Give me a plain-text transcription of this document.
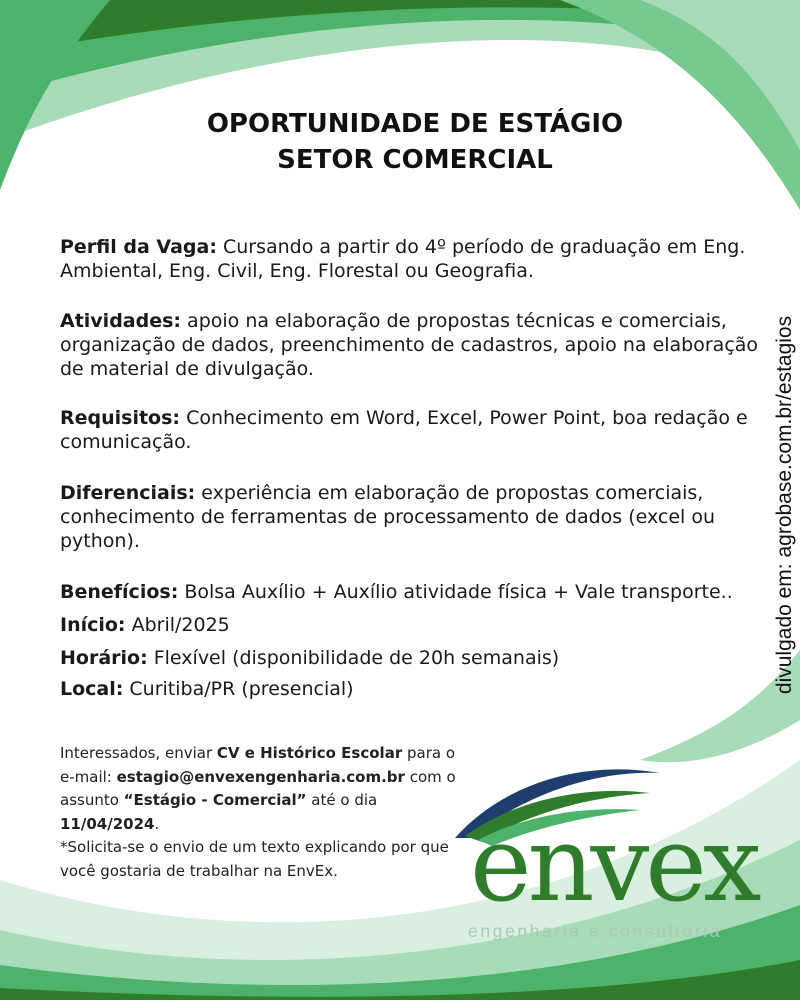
OPORTUNIDADE DE ESTÁGIO
SETOR COMERCIAL
Perfil da Vaga: Cursando a partir do 4º período de graduação em Eng. Ambiental, Eng. Civil, Eng. Florestal ou Geografia.
Atividades: apoio na elaboração de propostas técnicas e comerciais, organização de dados, preenchimento de cadastros, apoio na elaboração de material de divulgação.
Requisitos: Conhecimento em Word, Excel, Power Point, boa redação e comunicação.
Diferenciais: experiência em elaboração de propostas comerciais, conhecimento de ferramentas de processamento de dados (excel ou python).
Benefícios: Bolsa Auxílio + Auxílio atividade física + Vale transporte..
Início: Abril/2025
Horário: Flexível (disponibilidade de 20h semanais)
Local: Curitiba/PR (presencial)
Interessados, enviar CV e Histórico Escolar para o e-mail: estagio@envexengenharia.com.br com o assunto “Estágio - Comercial” até o dia 11/04/2024.
*Solicita-se o envio de um texto explicando por que você gostaria de trabalhar na EnvEx.
divulgado em: agrobase.com.br/estagios
envex
engenharia e consultoria
